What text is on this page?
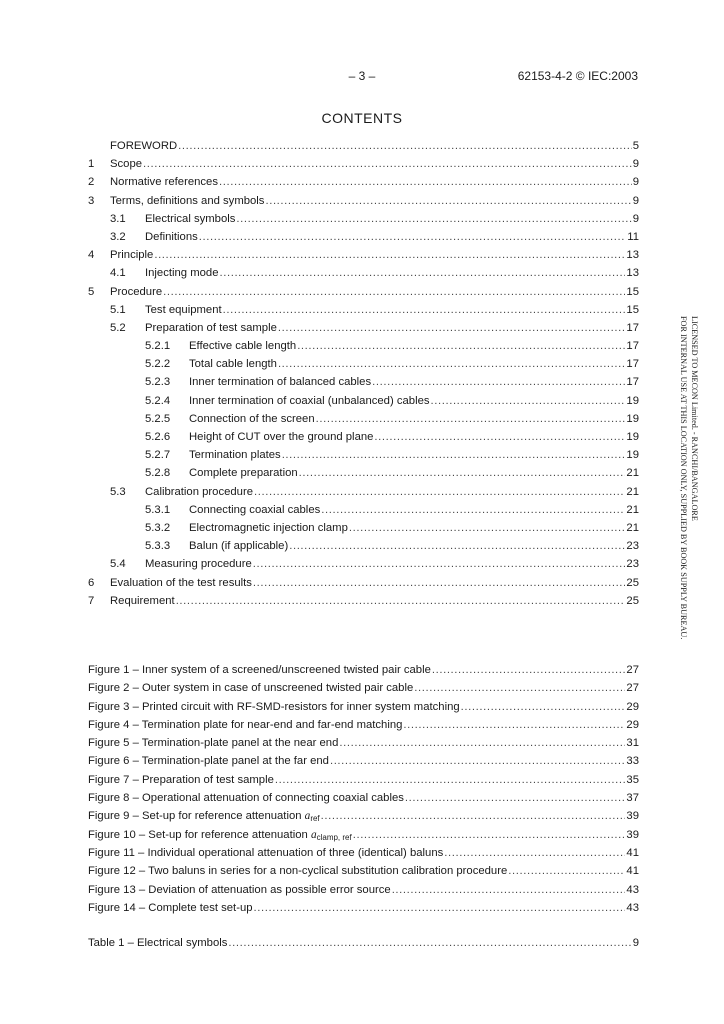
– 3 –	62153-4-2 © IEC:2003
CONTENTS
FOREWORD .....	5
1	Scope .....	9
2	Normative references .....	9
3	Terms, definitions and symbols .....	9
3.1	Electrical symbols .....	9
3.2	Definitions .....	11
4	Principle .....	13
4.1	Injecting mode .....	13
5	Procedure .....	15
5.1	Test equipment .....	15
5.2	Preparation of test sample .....	17
5.2.1	Effective cable length .....	17
5.2.2	Total cable length .....	17
5.2.3	Inner termination of balanced cables .....	17
5.2.4	Inner termination of coaxial (unbalanced) cables .....	19
5.2.5	Connection of the screen .....	19
5.2.6	Height of CUT over the ground plane .....	19
5.2.7	Termination plates .....	19
5.2.8	Complete preparation .....	21
5.3	Calibration procedure .....	21
5.3.1	Connecting coaxial cables .....	21
5.3.2	Electromagnetic injection clamp .....	21
5.3.3	Balun (if applicable) .....	23
5.4	Measuring procedure .....	23
6	Evaluation of the test results .....	25
7	Requirement .....	25
Figure 1 – Inner system of a screened/unscreened twisted pair cable .....	27
Figure 2 – Outer system in case of unscreened twisted pair cable .....	27
Figure 3 – Printed circuit with RF-SMD-resistors for inner system matching .....	29
Figure 4 – Termination plate for near-end and far-end matching .....	29
Figure 5 – Termination-plate panel at the near end .....	31
Figure 6 – Termination-plate panel at the far end .....	33
Figure 7 – Preparation of test sample .....	35
Figure 8 – Operational attenuation of connecting coaxial cables .....	37
Figure 9 – Set-up for reference attenuation $a_{ref}$ .....	39
Figure 10 – Set-up for reference attenuation $a_{clamp, ref}$ .....	39
Figure 11 – Individual operational attenuation of three (identical) baluns .....	41
Figure 12 – Two baluns in series for a non-cyclical substitution calibration procedure .....	41
Figure 13 – Deviation of attenuation as possible error source .....	43
Figure 14 – Complete test set-up .....	43
Table 1 – Electrical symbols .....	9
LICENSED TO MECON Limited. - RANCHI/BANGALORE
FOR INTERNAL USE AT THIS LOCATION ONLY, SUPPLIED BY BOOK SUPPLY BUREAU.
